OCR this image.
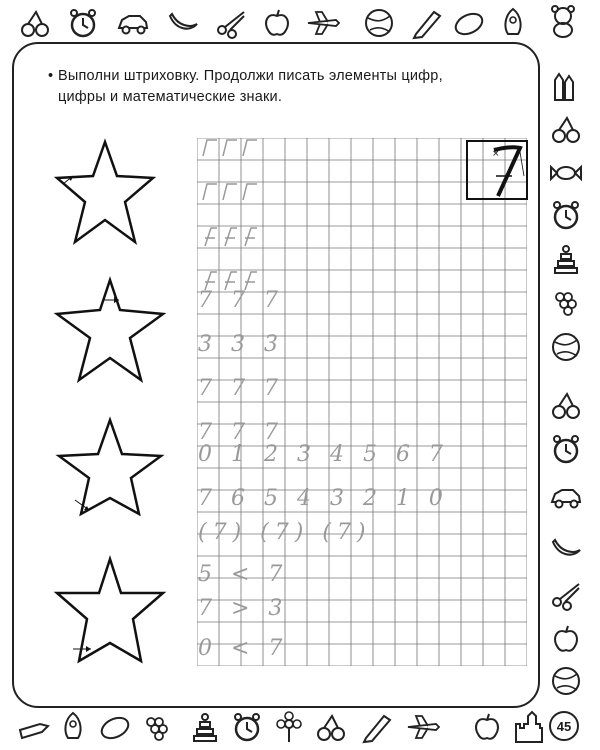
• Выполни штриховку. Продолжи писать элементы цифр,
цифры и математические знаки.
×
7 7 7
3 3 3
7 7 7
7 7 7
0 1 2 3 4 5 6 7
7 6 5 4 3 2 1 0
(7) (7) (7)
5 < 7
7 > 3
0 < 7
45
